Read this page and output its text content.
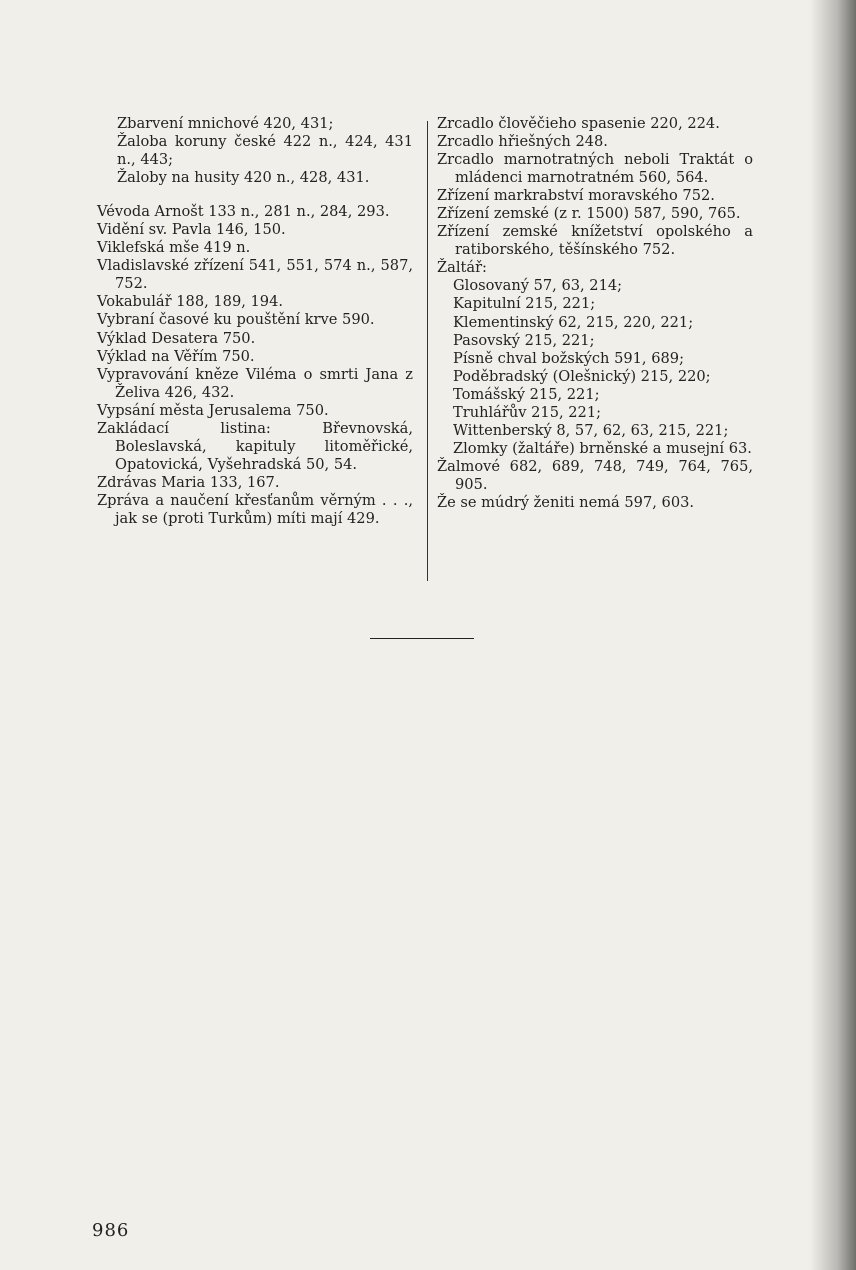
Zbarvení mnichové 420, 431;
Žaloba koruny české 422 n., 424, 431 n., 443;
Žaloby na husity 420 n., 428, 431.
Vévoda Arnošt 133 n., 281 n., 284, 293.
Vidění sv. Pavla 146, 150.
Viklefská mše 419 n.
Vladislavské zřízení 541, 551, 574 n., 587, 752.
Vokabulář 188, 189, 194.
Vybraní časové ku pouštění krve 590.
Výklad Desatera 750.
Výklad na Věřím 750.
Vypravování kněze Viléma o smrti Jana z Želiva 426, 432.
Vypsání města Jerusalema 750.
Zakládací listina: Břevnovská, Boleslavská, kapituly litoměřické, Opatovická, Vyšehradská 50, 54.
Zdrávas Maria 133, 167.
Zpráva a naučení křesťanům věrným . . ., jak se (proti Turkům) míti mají 429.
Zrcadlo člověčieho spasenie 220, 224.
Zrcadlo hřiešných 248.
Zrcadlo marnotratných neboli Traktát o mládenci marnotratném 560, 564.
Zřízení markrabství moravského 752.
Zřízení zemské (z r. 1500) 587, 590, 765.
Zřízení zemské knížetství opolského a ratiborského, těšínského 752.
Žaltář:
Glosovaný 57, 63, 214;
Kapitulní 215, 221;
Klementinský 62, 215, 220, 221;
Pasovský 215, 221;
Písně chval božských 591, 689;
Poděbradský (Olešnický) 215, 220;
Tomášský 215, 221;
Truhlářův 215, 221;
Wittenberský 8, 57, 62, 63, 215, 221;
Zlomky (žaltáře) brněnské a musejní 63.
Žalmové 682, 689, 748, 749, 764, 765, 905.
Že se múdrý ženiti nemá 597, 603.
986
